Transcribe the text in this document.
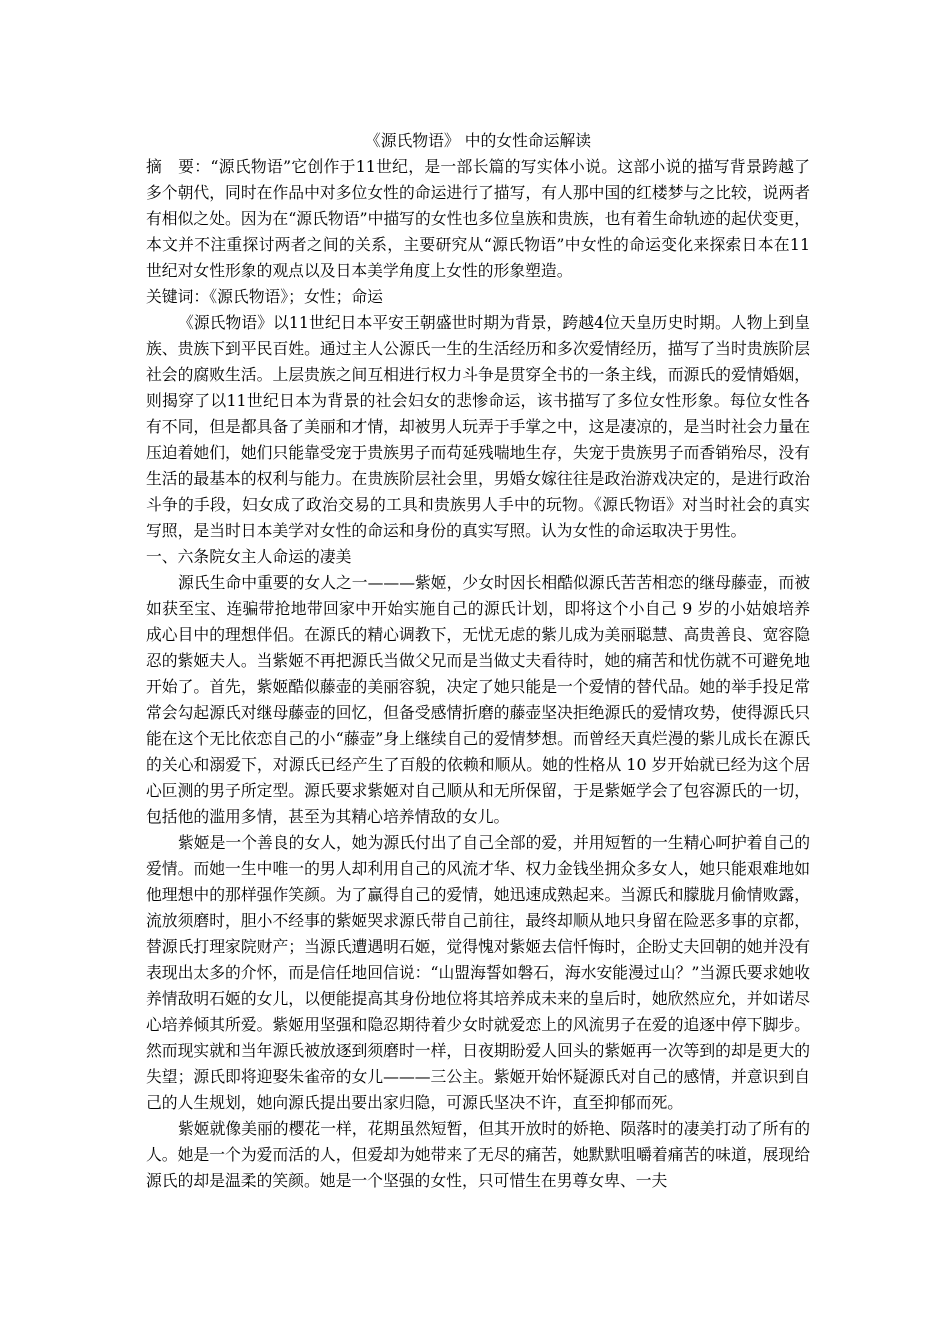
《源氏物语》 中的女性命运解读

摘　要：“源氏物语”它创作于11世纪，是一部长篇的写实体小说。这部小说的描写背景跨越了多个朝代，同时在作品中对多位女性的命运进行了描写，有人那中国的红楼梦与之比较，说两者有相似之处。因为在“源氏物语”中描写的女性也多位皇族和贵族，也有着生命轨迹的起伏变更，本文并不注重探讨两者之间的关系，主要研究从“源氏物语”中女性的命运变化来探索日本在11世纪对女性形象的观点以及日本美学角度上女性的形象塑造。

关键词：《源氏物语》；女性；命运

《源氏物语》以11世纪日本平安王朝盛世时期为背景，跨越4位天皇历史时期。人物上到皇族、贵族下到平民百姓。通过主人公源氏一生的生活经历和多次爱情经历，描写了当时贵族阶层社会的腐败生活。上层贵族之间互相进行权力斗争是贯穿全书的一条主线，而源氏的爱情婚姻，则揭穿了以11世纪日本为背景的社会妇女的悲惨命运，该书描写了多位女性形象。每位女性各有不同，但是都具备了美丽和才情，却被男人玩弄于手掌之中，这是凄凉的，是当时社会力量在压迫着她们，她们只能靠受宠于贵族男子而苟延残喘地生存，失宠于贵族男子而香销殆尽，没有生活的最基本的权利与能力。在贵族阶层社会里，男婚女嫁往往是政治游戏决定的，是进行政治斗争的手段，妇女成了政治交易的工具和贵族男人手中的玩物。《源氏物语》对当时社会的真实写照，是当时日本美学对女性的命运和身份的真实写照。认为女性的命运取决于男性。

一、六条院女主人命运的凄美

源氏生命中重要的女人之一———紫姬，少女时因长相酷似源氏苦苦相恋的继母藤壶，而被如获至宝、连骗带抢地带回家中开始实施自己的源氏计划，即将这个小自己 9 岁的小姑娘培养成心目中的理想伴侣。在源氏的精心调教下，无忧无虑的紫儿成为美丽聪慧、高贵善良、宽容隐忍的紫姬夫人。当紫姬不再把源氏当做父兄而是当做丈夫看待时，她的痛苦和忧伤就不可避免地开始了。首先，紫姬酷似藤壶的美丽容貌，决定了她只能是一个爱情的替代品。她的举手投足常常会勾起源氏对继母藤壶的回忆，但备受感情折磨的藤壶坚决拒绝源氏的爱情攻势，使得源氏只能在这个无比依恋自己的小“藤壶”身上继续自己的爱情梦想。而曾经天真烂漫的紫儿成长在源氏的关心和溺爱下，对源氏已经产生了百般的依赖和顺从。她的性格从 10 岁开始就已经为这个居心叵测的男子所定型。源氏要求紫姬对自己顺从和无所保留，于是紫姬学会了包容源氏的一切，包括他的滥用多情，甚至为其精心培养情敌的女儿。

紫姬是一个善良的女人，她为源氏付出了自己全部的爱，并用短暂的一生精心呵护着自己的爱情。而她一生中唯一的男人却利用自己的风流才华、权力金钱坐拥众多女人，她只能艰难地如他理想中的那样强作笑颜。为了赢得自己的爱情，她迅速成熟起来。当源氏和朦胧月偷情败露，流放须磨时，胆小不经事的紫姬哭求源氏带自己前往，最终却顺从地只身留在险恶多事的京都，替源氏打理家院财产；当源氏遭遇明石姬，觉得愧对紫姬去信忏悔时，企盼丈夫回朝的她并没有表现出太多的介怀，而是信任地回信说：“山盟海誓如磐石，海水安能漫过山？”当源氏要求她收养情敌明石姬的女儿，以便能提高其身份地位将其培养成未来的皇后时，她欣然应允，并如诺尽心培养倾其所爱。紫姬用坚强和隐忍期待着少女时就爱恋上的风流男子在爱的追逐中停下脚步。然而现实就和当年源氏被放逐到须磨时一样，日夜期盼爱人回头的紫姬再一次等到的却是更大的失望；源氏即将迎娶朱雀帝的女儿———三公主。紫姬开始怀疑源氏对自己的感情，并意识到自己的人生规划，她向源氏提出要出家归隐，可源氏坚决不许，直至抑郁而死。

紫姬就像美丽的樱花一样，花期虽然短暂，但其开放时的娇艳、陨落时的凄美打动了所有的人。她是一个为爱而活的人，但爱却为她带来了无尽的痛苦，她默默咀嚼着痛苦的味道，展现给源氏的却是温柔的笑颜。她是一个坚强的女性，只可惜生在男尊女卑、一夫
